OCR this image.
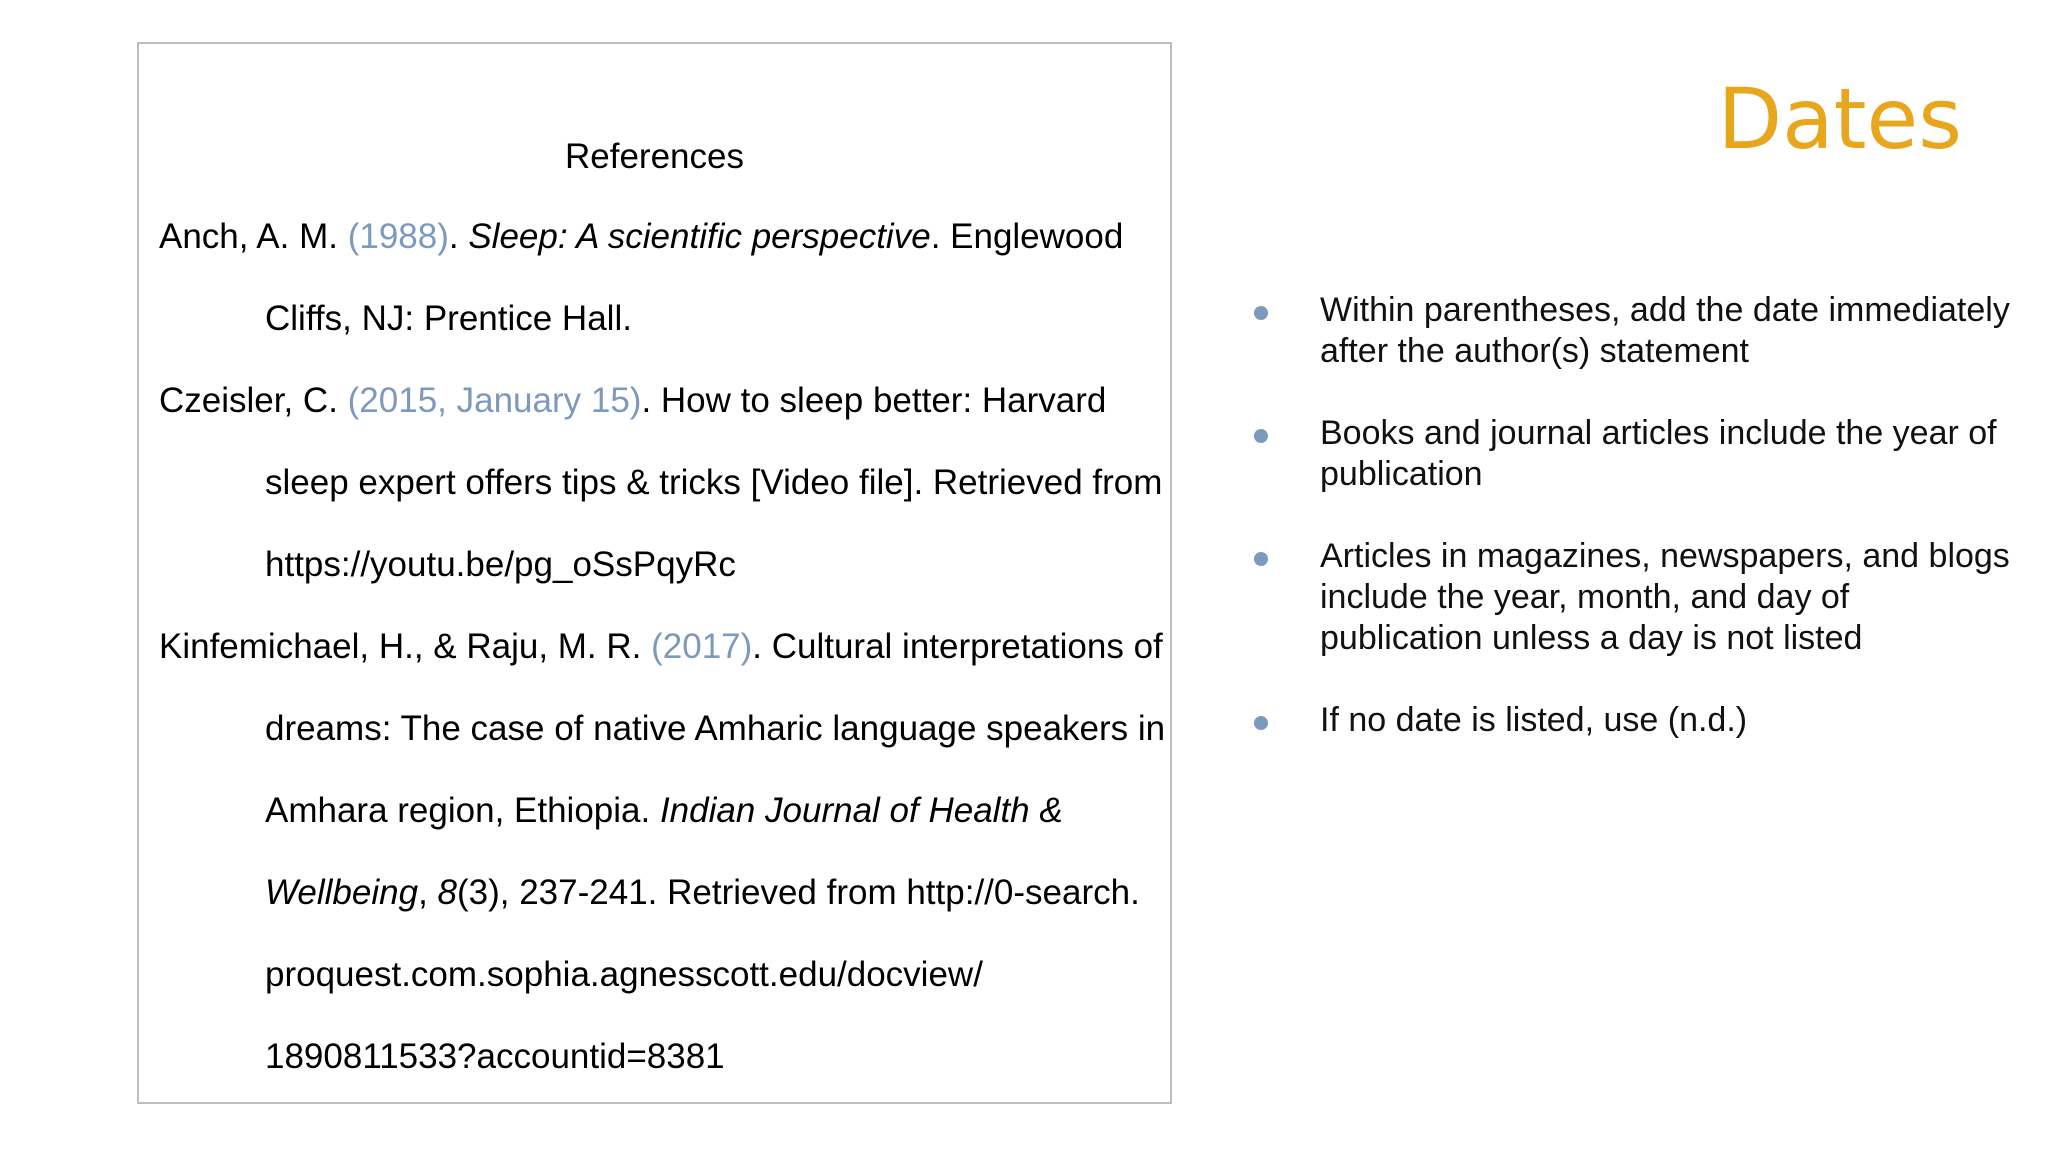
References
Anch, A. M. (1988). Sleep: A scientific perspective. Englewood
Cliffs, NJ: Prentice Hall.
Czeisler, C. (2015, January 15). How to sleep better: Harvard
sleep expert offers tips & tricks [Video file]. Retrieved from
https://youtu.be/pg_oSsPqyRc
Kinfemichael, H., & Raju, M. R. (2017). Cultural interpretations of
dreams: The case of native Amharic language speakers in
Amhara region, Ethiopia. Indian Journal of Health &
Wellbeing, 8(3), 237-241. Retrieved from http://0-search.
proquest.com.sophia.agnesscott.edu/docview/
1890811533?accountid=8381
Dates
Within parentheses, add the date immediately after the author(s) statement
Books and journal articles include the year of publication
Articles in magazines, newspapers, and blogs include the year, month, and day of publication unless a day is not listed
If no date is listed, use (n.d.)
